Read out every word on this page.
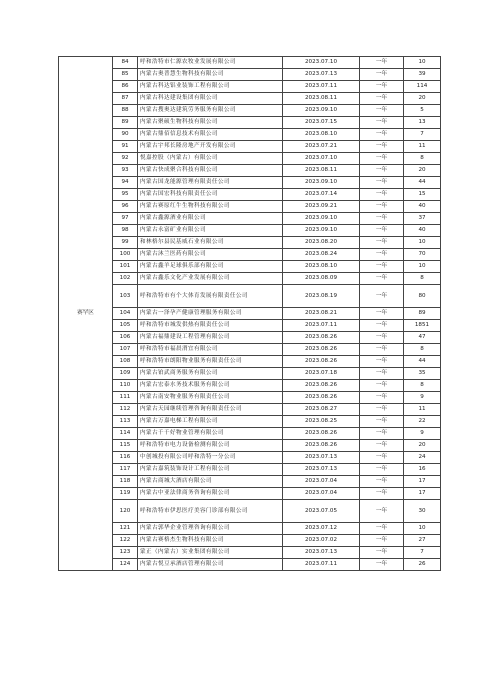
赛罕区	84	呼和浩特市仁源农牧业发展有限公司	2023.07.10	一年	10
	85	内蒙古奥普慧生物科技有限公司	2023.07.13	一年	39
	86	内蒙古科达铝业装饰工程有限公司	2023.07.11	一年	114
	87	内蒙古科达建设集团有限公司	2023.08.11	一年	20
	88	内蒙古搜奥达建筑劳务服务有限公司	2023.09.10	一年	5
	89	内蒙古聚硕生物科技有限公司	2023.07.15	一年	13
	90	内蒙古鼎佰信息技术有限公司	2023.08.10	一年	7
	91	内蒙古宇邦长隆房地产开发有限公司	2023.07.21	一年	11
	92	悦嘉控股（内蒙古）有限公司	2023.07.10	一年	8
	93	内蒙古快成聚合科技有限公司	2023.08.11	一年	20
	94	内蒙古国龙能源管理有限责任公司	2023.09.10	一年	44
	95	内蒙古国宏科技有限责任公司	2023.07.14	一年	15
	96	内蒙古赛原红牛生物科技有限公司	2023.09.21	一年	40
	97	内蒙古鑫源酒业有限公司	2023.09.10	一年	37
	98	内蒙古永富矿业有限公司	2023.09.10	一年	40
	99	和林格尔县民基威石业有限公司	2023.08.20	一年	10
	100	内蒙古沐兰医药有限公司	2023.08.24	一年	70
	101	内蒙古鑫羊足球俱乐部有限公司	2023.08.10	一年	10
	102	内蒙古鑫乐文化产业发展有限公司	2023.08.09	一年	8
	103	呼和浩特市有个大体育发展有限责任公司	2023.08.19	一年	80
	104	内蒙古一泽孕产健康管理服务有限公司	2023.08.21	一年	89
	105	呼和浩特市城发供热有限责任公司	2023.07.11	一年	1851
	106	内蒙古福鼎建设工程管理有限公司	2023.08.26	一年	47
	107	呼和浩特市福晨渭宜有限公司	2023.08.26	一年	8
	108	呼和浩特市朗阳物业服务有限责任公司	2023.08.26	一年	44
	109	内蒙古铂武商务服务有限公司	2023.07.18	一年	35
	110	内蒙古宏泰水务技术服务有限公司	2023.08.26	一年	8
	111	内蒙古南安物业服务有限责任公司	2023.08.26	一年	9
	112	内蒙古天园继续管理咨询有限责任公司	2023.08.27	一年	11
	113	内蒙古万嘉电梯工程有限公司	2023.08.25	一年	22
	114	内蒙古千千好物业管理有限公司	2023.08.26	一年	9
	115	呼和浩特市电力设备检测有限公司	2023.08.26	一年	20
	116	中创城投有限公司呼和浩特一分公司	2023.07.13	一年	24
	117	内蒙古嘉筑装饰设计工程有限公司	2023.07.13	一年	16
	118	内蒙古商城大酒店有限公司	2023.07.04	一年	17
	119	内蒙古中亚法律商务咨询有限公司	2023.07.04	一年	17
	120	呼和浩特市伊思医疗美容门诊部有限公司	2023.07.05	一年	30
	121	内蒙古郭华企业管理咨询有限公司	2023.07.12	一年	10
	122	内蒙古赛格杰生物科技有限公司	2023.07.02	一年	27
	123	蒙正（内蒙古）实业集团有限公司	2023.07.13	一年	7
	124	内蒙古悦豆承酒店管理有限公司	2023.07.11	一年	26
